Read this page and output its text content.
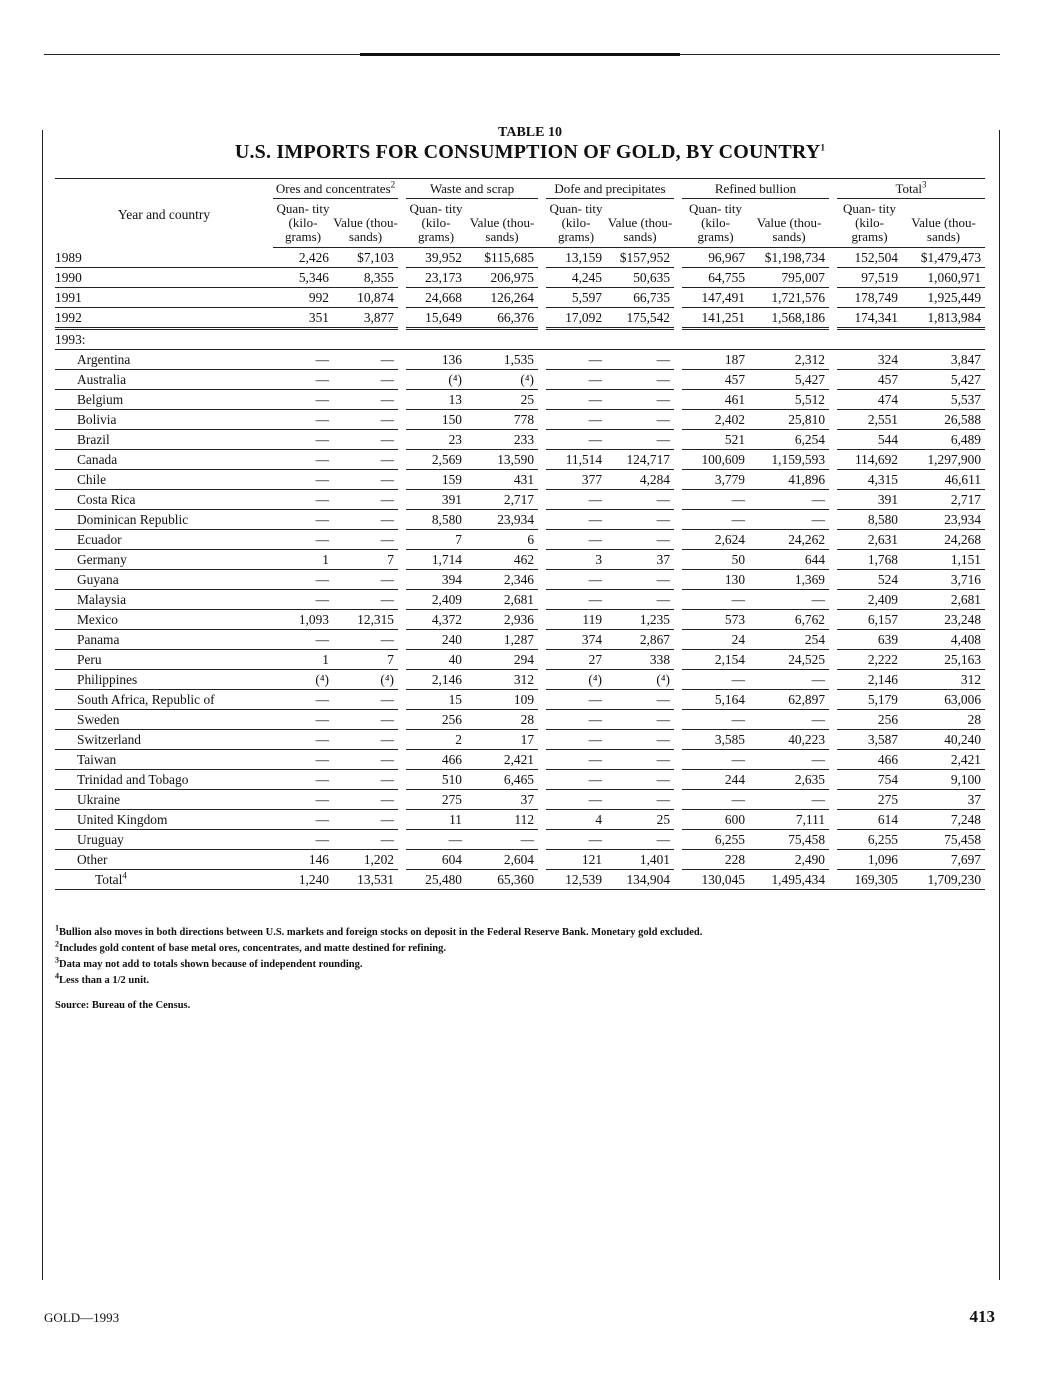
TABLE 10
U.S. IMPORTS FOR CONSUMPTION OF GOLD, BY COUNTRY$^1$
Year and country	Ores and concentrates$^2$			Waste and scrap			Dofe and precipitates			Refined bullion			Total$^3$

	Quan- tity (kilo- grams)	Value (thou- sands)		Quan- tity (kilo- grams)	Value (thou- sands)		Quan- tity (kilo- grams)	Value (thou- sands)		Quan- tity (kilo- grams)	Value (thou- sands)		Quan- tity (kilo- grams)	Value (thou- sands)
1989	2,426	$7,103		39,952	$115,685		13,159	$157,952		96,967	$1,198,734		152,504	$1,479,473
1990	5,346	8,355		23,173	206,975		4,245	50,635		64,755	795,007		97,519	1,060,971
1991	992	10,874		24,668	126,264		5,597	66,735		147,491	1,721,576		178,749	1,925,449
1992	351	3,877		15,649	66,376		17,092	175,542		141,251	1,568,186		174,341	1,813,984
1993:														
Argentina	—	—		136	1,535		—	—		187	2,312		324	3,847
Australia	—	—		(⁴)	(⁴)		—	—		457	5,427		457	5,427
Belgium	—	—		13	25		—	—		461	5,512		474	5,537
Bolivia	—	—		150	778		—	—		2,402	25,810		2,551	26,588
Brazil	—	—		23	233		—	—		521	6,254		544	6,489
Canada	—	—		2,569	13,590		11,514	124,717		100,609	1,159,593		114,692	1,297,900
Chile	—	—		159	431		377	4,284		3,779	41,896		4,315	46,611
Costa Rica	—	—		391	2,717		—	—		—	—		391	2,717
Dominican Republic	—	—		8,580	23,934		—	—		—	—		8,580	23,934
Ecuador	—	—		7	6		—	—		2,624	24,262		2,631	24,268
Germany	1	7		1,714	462		3	37		50	644		1,768	1,151
Guyana	—	—		394	2,346		—	—		130	1,369		524	3,716
Malaysia	—	—		2,409	2,681		—	—		—	—		2,409	2,681
Mexico	1,093	12,315		4,372	2,936		119	1,235		573	6,762		6,157	23,248
Panama	—	—		240	1,287		374	2,867		24	254		639	4,408
Peru	1	7		40	294		27	338		2,154	24,525		2,222	25,163
Philippines	(⁴)	(⁴)		2,146	312		(⁴)	(⁴)		—	—		2,146	312
South Africa, Republic of	—	—		15	109		—	—		5,164	62,897		5,179	63,006
Sweden	—	—		256	28		—	—		—	—		256	28
Switzerland	—	—		2	17		—	—		3,585	40,223		3,587	40,240
Taiwan	—	—		466	2,421		—	—		—	—		466	2,421
Trinidad and Tobago	—	—		510	6,465		—	—		244	2,635		754	9,100
Ukraine	—	—		275	37		—	—		—	—		275	37
United Kingdom	—	—		11	112		4	25		600	7,111		614	7,248
Uruguay	—	—		—	—		—	—		6,255	75,458		6,255	75,458
Other	146	1,202		604	2,604		121	1,401		228	2,490		1,096	7,697
Total$^4$	1,240	13,531		25,480	65,360		12,539	134,904		130,045	1,495,434		169,305	1,709,230
$^1$Bullion also moves in both directions between U.S. markets and foreign stocks on deposit in the Federal Reserve Bank. Monetary gold excluded.
$^2$Includes gold content of base metal ores, concentrates, and matte destined for refining.
$^3$Data may not add to totals shown because of independent rounding.
$^4$Less than a 1/2 unit.
Source: Bureau of the Census.
GOLD—1993	413
